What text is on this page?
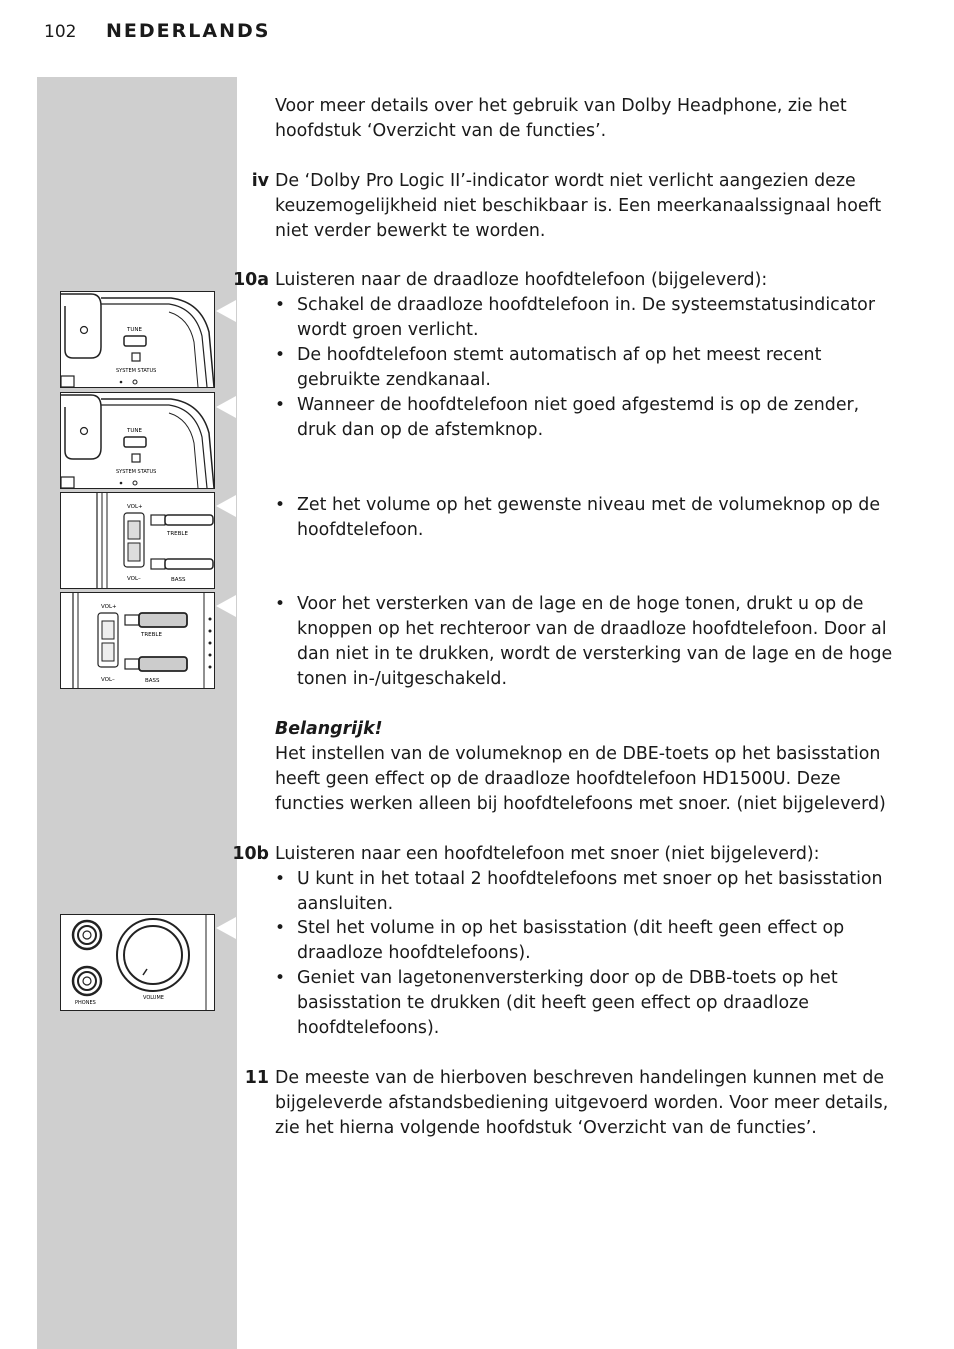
102 NEDERLANDS
TUNE
SYSTEM STATUS
TUNE
SYSTEM STATUS
VOL+
VOL–
TREBLE
BASS
VOL+
VOL–
TREBLE
BASS
PHONES
VOLUME

Voor meer details over het gebruik van Dolby Headphone, zie het hoofdstuk ‘Overzicht van de functies’.

iv De ‘Dolby Pro Logic II’-indicator wordt niet verlicht aangezien deze keuzemogelijkheid niet beschikbaar is. Een meerkanaalssignaal hoeft niet verder bewerkt te worden.

10a Luisteren naar de draadloze hoofdtelefoon (bijgeleverd):

• Schakel de draadloze hoofdtelefoon in. De systeemstatusindicator wordt groen verlicht.

• De hoofdtelefoon stemt automatisch af op het meest recent gebruikte zendkanaal.

• Wanneer de hoofdtelefoon niet goed afgestemd is op de zender, druk dan op de afstemknop.

• Zet het volume op het gewenste niveau met de volumeknop op de hoofdtelefoon.

• Voor het versterken van de lage en de hoge tonen, drukt u op de knoppen op het rechteroor van de draadloze hoofdtelefoon. Door al dan niet in te drukken, wordt de versterking van de lage en de hoge tonen in-/uitgeschakeld.

Belangrijk!

Het instellen van de volumeknop en de DBE-toets op het basisstation heeft geen effect op de draadloze hoofdtelefoon HD1500U. Deze functies werken alleen bij hoofdtelefoons met snoer. (niet bijgeleverd)

10b Luisteren naar een hoofdtelefoon met snoer (niet bijgeleverd):

• U kunt in het totaal 2 hoofdtelefoons met snoer op het basisstation aansluiten.

• Stel het volume in op het basisstation (dit heeft geen effect op draadloze hoofdtelefoons).

• Geniet van lagetonenversterking door op de DBB-toets op het basisstation te drukken (dit heeft geen effect op draadloze hoofdtelefoons).

11 De meeste van de hierboven beschreven handelingen kunnen met de bijgeleverde afstandsbediening uitgevoerd worden. Voor meer details, zie het hierna volgende hoofdstuk ‘Overzicht van de functies’.
